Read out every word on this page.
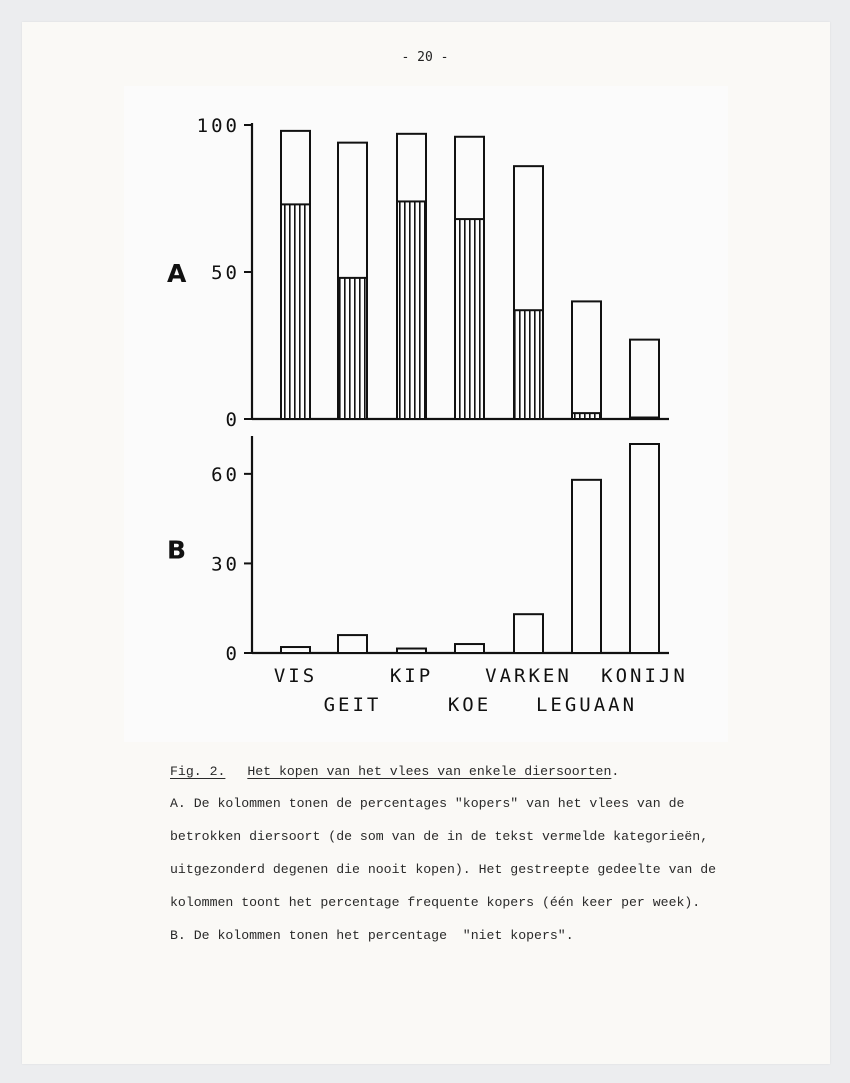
- 20 -
0
50
100
A
0
30
60
B
VIS
GEIT
KIP
KOE
VARKEN
LEGUAAN
KONIJN
Fig. 2. Het kopen van het vlees van enkele diersoorten.
A. De kolommen tonen de percentages "kopers" van het vlees van de
betrokken diersoort (de som van de in de tekst vermelde kategorieën,
uitgezonderd degenen die nooit kopen). Het gestreepte gedeelte van de
kolommen toont het percentage frequente kopers (één keer per week).
B. De kolommen tonen het percentage  "niet kopers".
